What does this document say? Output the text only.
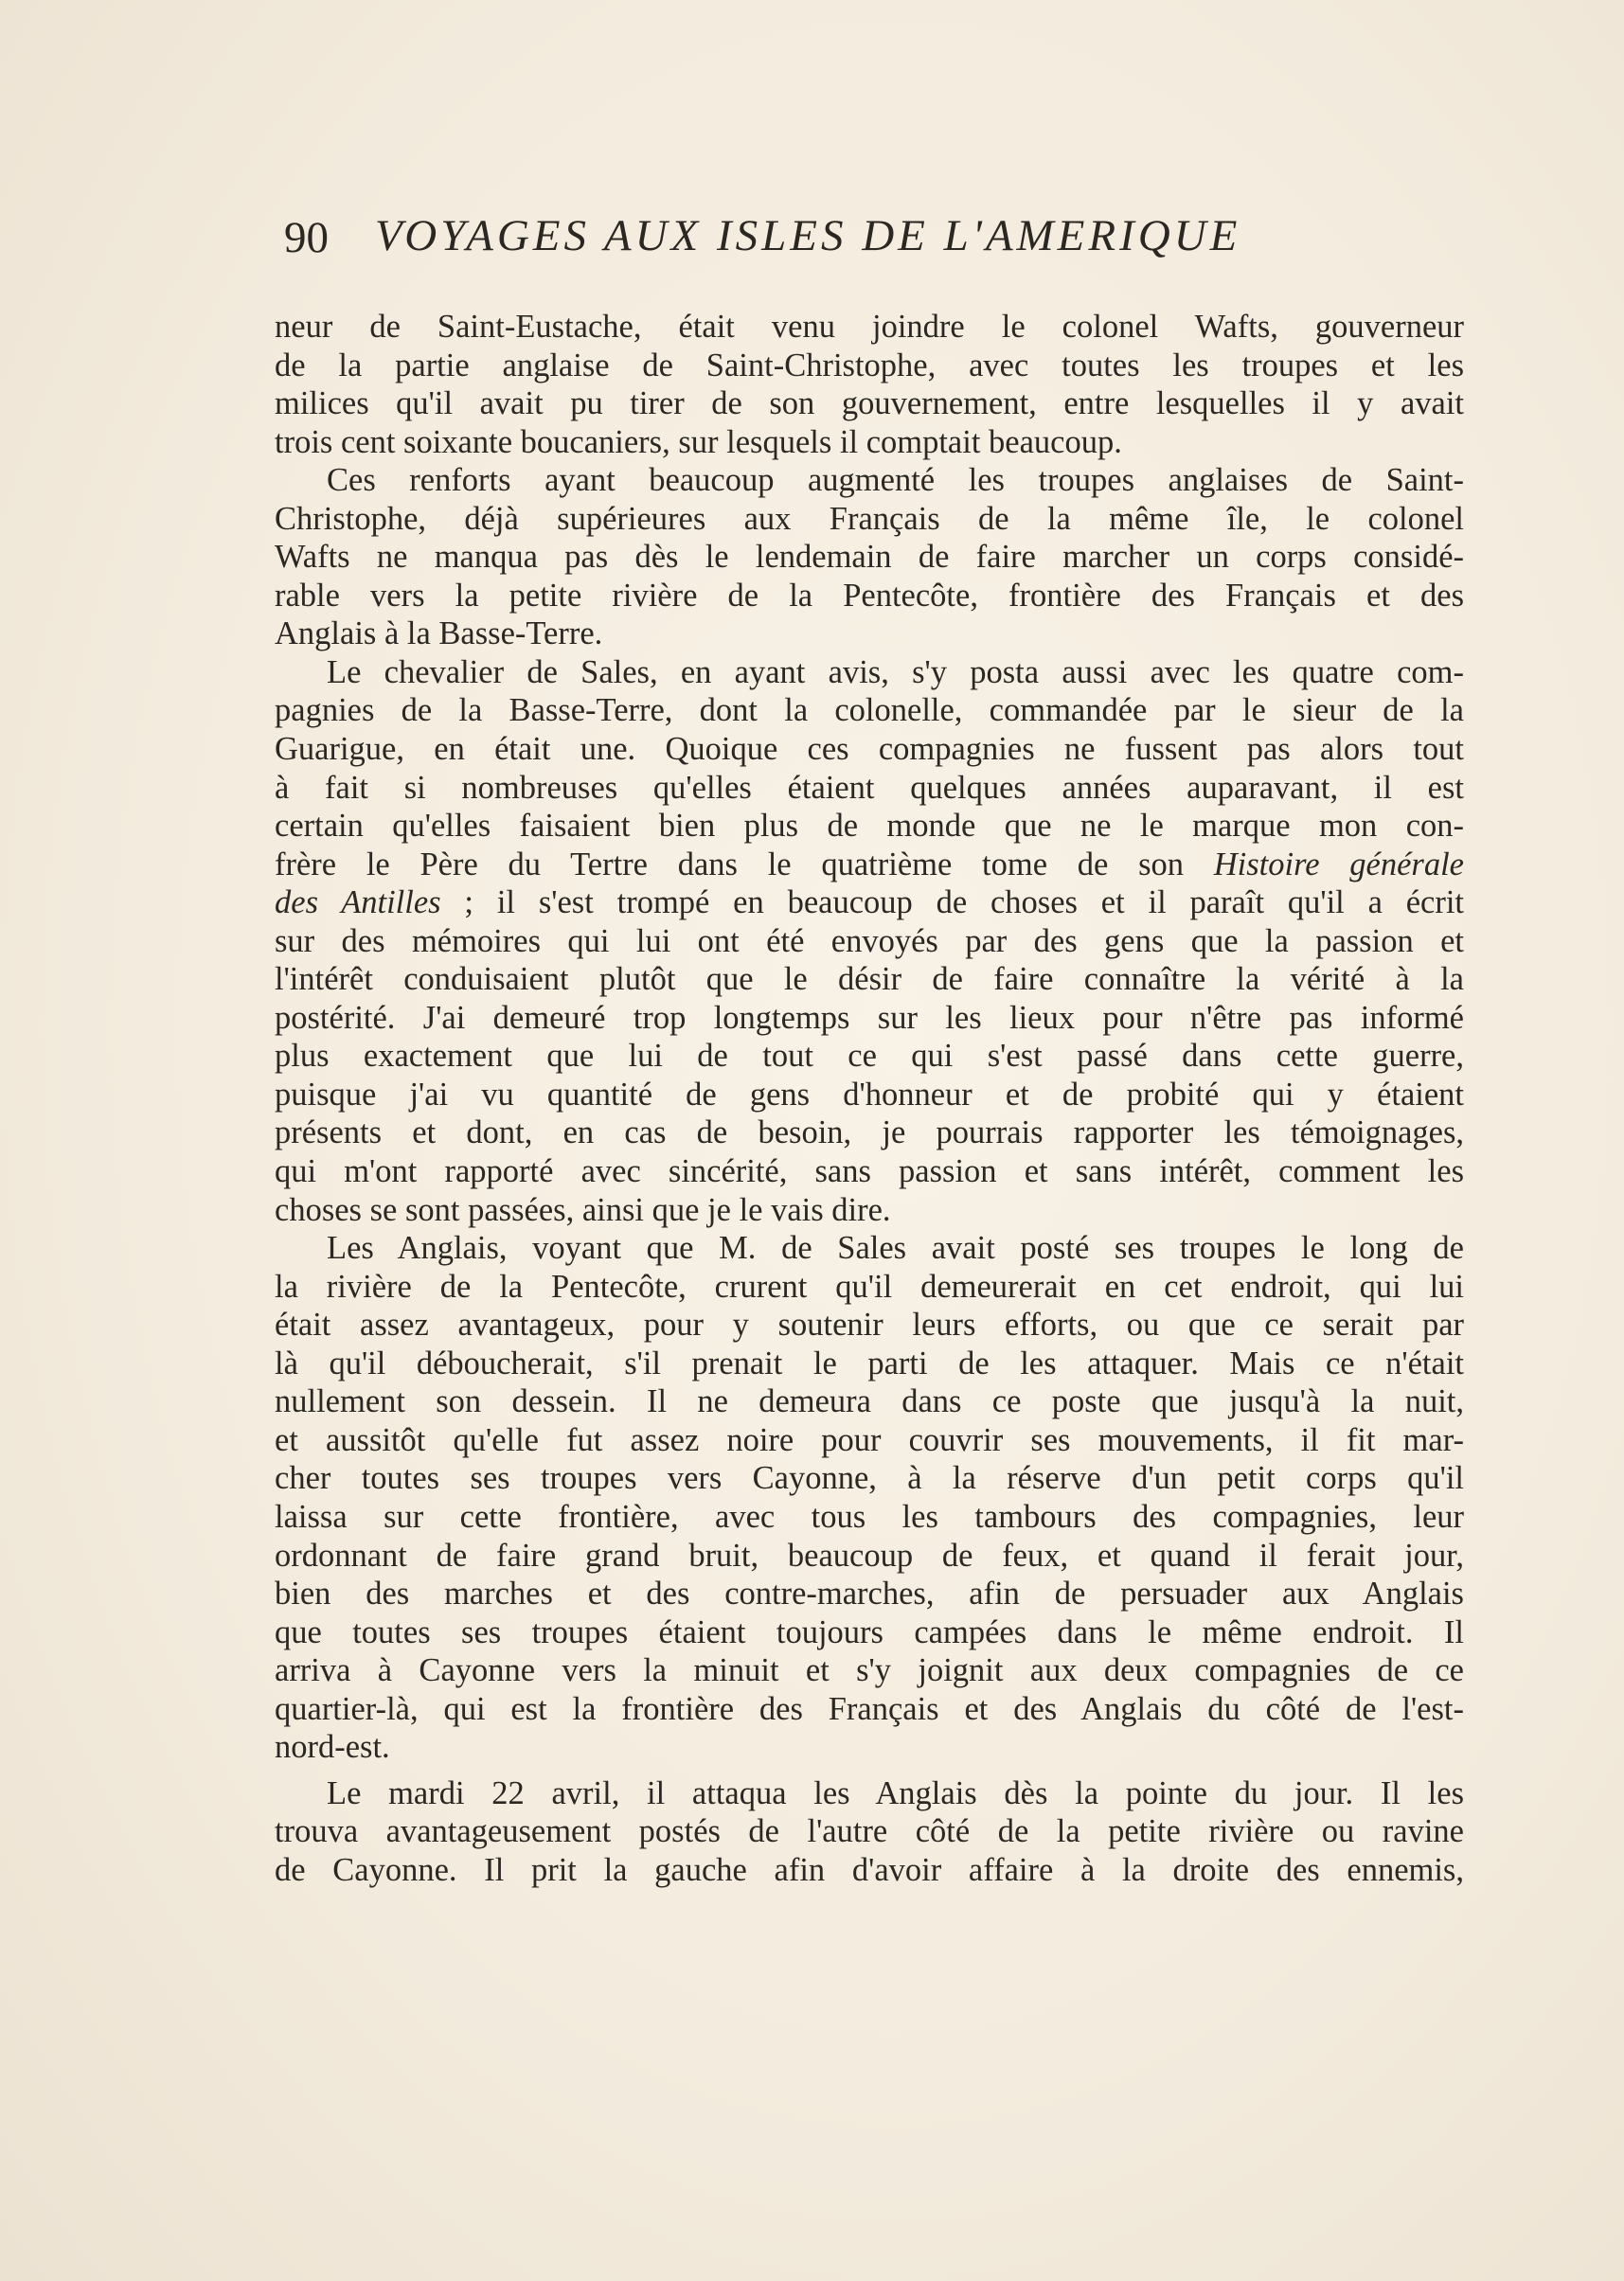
90 VOYAGES AUX ISLES DE L'AMERIQUE
neur de Saint-Eustache, était venu joindre le colonel Wafts, gouverneur
de la partie anglaise de Saint-Christophe, avec toutes les troupes et les
milices qu'il avait pu tirer de son gouvernement, entre lesquelles il y avait
trois cent soixante boucaniers, sur lesquels il comptait beaucoup.
Ces renforts ayant beaucoup augmenté les troupes anglaises de Saint-
Christophe, déjà supérieures aux Français de la même île, le colonel
Wafts ne manqua pas dès le lendemain de faire marcher un corps considé-
rable vers la petite rivière de la Pentecôte, frontière des Français et des
Anglais à la Basse-Terre.
Le chevalier de Sales, en ayant avis, s'y posta aussi avec les quatre com-
pagnies de la Basse-Terre, dont la colonelle, commandée par le sieur de la
Guarigue, en était une. Quoique ces compagnies ne fussent pas alors tout
à fait si nombreuses qu'elles étaient quelques années auparavant, il est
certain qu'elles faisaient bien plus de monde que ne le marque mon con-
frère le Père du Tertre dans le quatrième tome de son Histoire générale
des Antilles ; il s'est trompé en beaucoup de choses et il paraît qu'il a écrit
sur des mémoires qui lui ont été envoyés par des gens que la passion et
l'intérêt conduisaient plutôt que le désir de faire connaître la vérité à la
postérité. J'ai demeuré trop longtemps sur les lieux pour n'être pas informé
plus exactement que lui de tout ce qui s'est passé dans cette guerre,
puisque j'ai vu quantité de gens d'honneur et de probité qui y étaient
présents et dont, en cas de besoin, je pourrais rapporter les témoignages,
qui m'ont rapporté avec sincérité, sans passion et sans intérêt, comment les
choses se sont passées, ainsi que je le vais dire.
Les Anglais, voyant que M. de Sales avait posté ses troupes le long de
la rivière de la Pentecôte, crurent qu'il demeurerait en cet endroit, qui lui
était assez avantageux, pour y soutenir leurs efforts, ou que ce serait par
là qu'il déboucherait, s'il prenait le parti de les attaquer. Mais ce n'était
nullement son dessein. Il ne demeura dans ce poste que jusqu'à la nuit,
et aussitôt qu'elle fut assez noire pour couvrir ses mouvements, il fit mar-
cher toutes ses troupes vers Cayonne, à la réserve d'un petit corps qu'il
laissa sur cette frontière, avec tous les tambours des compagnies, leur
ordonnant de faire grand bruit, beaucoup de feux, et quand il ferait jour,
bien des marches et des contre-marches, afin de persuader aux Anglais
que toutes ses troupes étaient toujours campées dans le même endroit. Il
arriva à Cayonne vers la minuit et s'y joignit aux deux compagnies de ce
quartier-là, qui est la frontière des Français et des Anglais du côté de l'est-
nord-est.
Le mardi 22 avril, il attaqua les Anglais dès la pointe du jour. Il les
trouva avantageusement postés de l'autre côté de la petite rivière ou ravine
de Cayonne. Il prit la gauche afin d'avoir affaire à la droite des ennemis,
